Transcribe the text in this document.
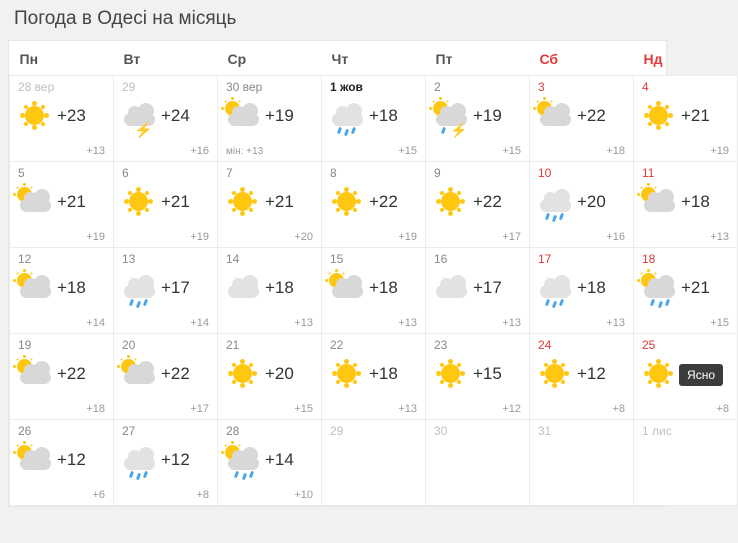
Погода в Одесі на місяць
Пн	Вт	Ср	Чт	Пт	Сб	Нд

28 вер
+23
+13	29
⚡
+24
+16	30 вер
+19
мін: +13	1 жов
+18
+15	2
⚡
+19
+15	3
+22
+18	4
+21
+19

5
+21
+19	6
+21
+19	7
+21
+20	8
+22
+19	9
+22
+17	10
+20
+16	11
+18
+13

12
+18
+14	13
+17
+14	14
+18
+13	15
+18
+13	16
+17
+13	17
+18
+13	18
+21
+15

19
+22
+18	20
+22
+17	21
+20
+15	22
+18
+13	23
+15
+12	24
+12
+8	25
+8
Ясно

26
+12
+6	27
+12
+8	28
+14
+10	29	30	31	1 лис
